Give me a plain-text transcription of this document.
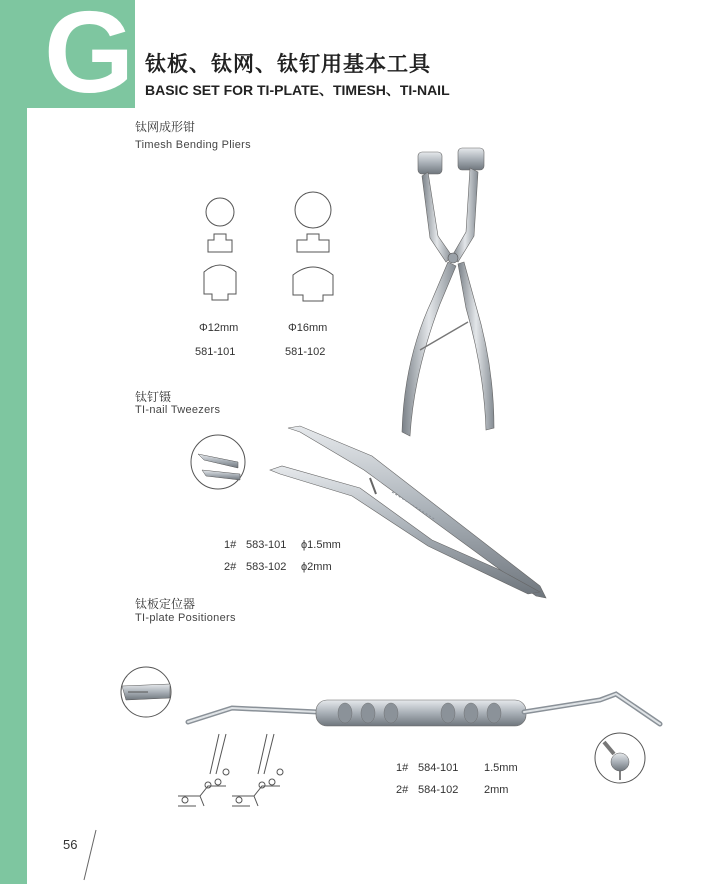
G 钛板、钛网、钛钉用基本工具
BASIC SET FOR TI-PLATE、TIMESH、TI-NAIL
钛网成形钳
Timesh Bending Pliers
Φ12mm	Φ16mm
581-101	581-102
钛钉镊
TI-nail Tweezers
1# 583-101 ϕ1.5mm
2# 583-102 ϕ2mm
钛板定位器
TI-plate Positioners
1# 584-101 1.5mm
2# 584-102 2mm
56
